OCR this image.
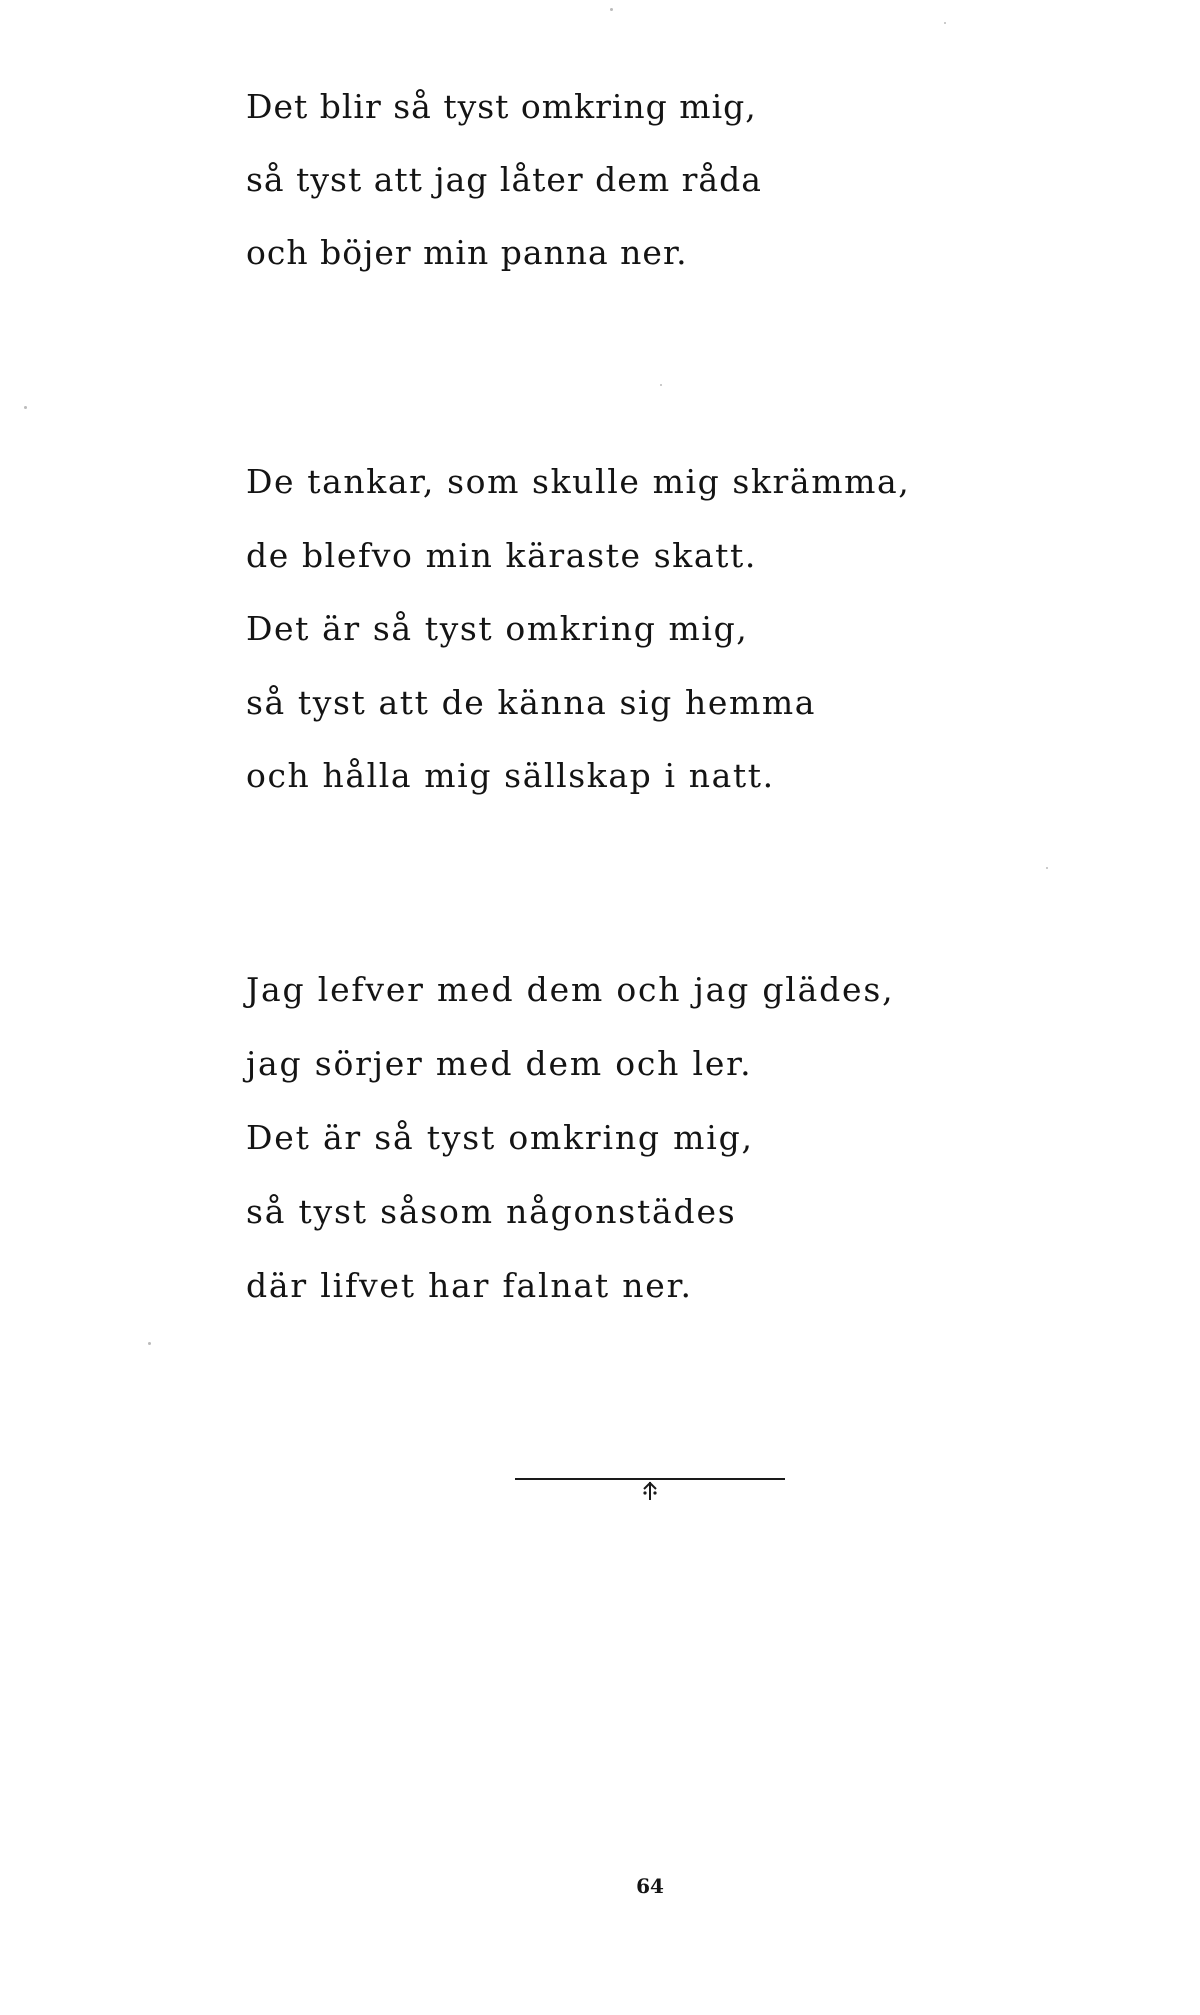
Det blir så tyst omkring mig,
så tyst att jag låter dem råda
och böjer min panna ner.
De tankar, som skulle mig skrämma,
de blefvo min käraste skatt.
Det är så tyst omkring mig,
så tyst att de känna sig hemma
och hålla mig sällskap i natt.
Jag lefver med dem och jag glädes,
jag sörjer med dem och ler.
Det är så tyst omkring mig,
så tyst såsom någonstädes
där lifvet har falnat ner.
64
